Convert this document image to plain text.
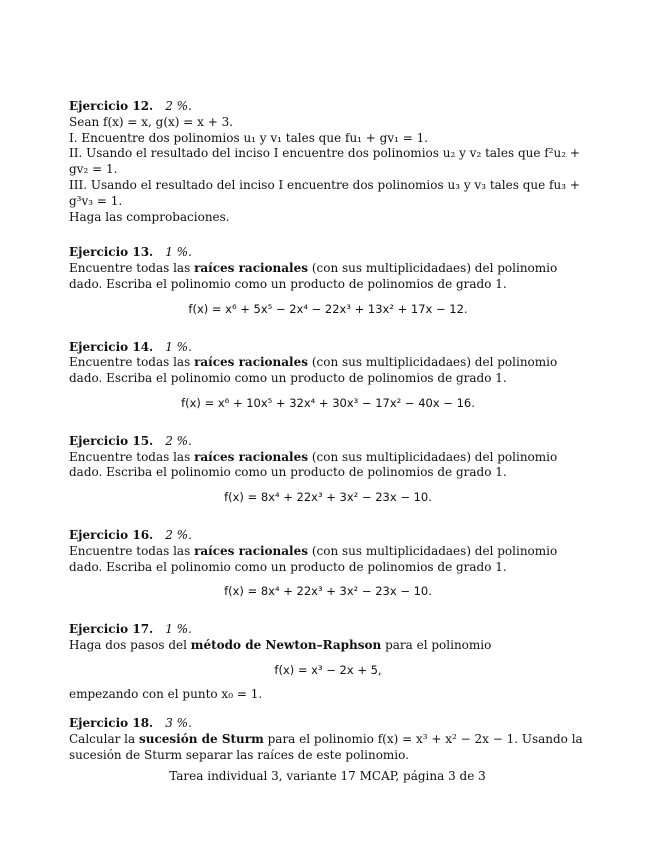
Ejercicio 12. 2 %.
Sean f(x) = x, g(x) = x + 3.
I. Encuentre dos polinomios u₁ y v₁ tales que fu₁ + gv₁ = 1.
II. Usando el resultado del inciso I encuentre dos polinomios u₂ y v₂ tales que f²u₂ + gv₂ = 1.
III. Usando el resultado del inciso I encuentre dos polinomios u₃ y v₃ tales que fu₃ + g³v₃ = 1.
Haga las comprobaciones.
Ejercicio 13. 1 %.
Encuentre todas las raíces racionales (con sus multiplicidadaes) del polinomio dado. Escriba el polinomio como un producto de polinomios de grado 1.
f(x) = x⁶ + 5x⁵ − 2x⁴ − 22x³ + 13x² + 17x − 12.
Ejercicio 14. 1 %.
Encuentre todas las raíces racionales (con sus multiplicidadaes) del polinomio dado. Escriba el polinomio como un producto de polinomios de grado 1.
f(x) = x⁶ + 10x⁵ + 32x⁴ + 30x³ − 17x² − 40x − 16.
Ejercicio 15. 2 %.
Encuentre todas las raíces racionales (con sus multiplicidadaes) del polinomio dado. Escriba el polinomio como un producto de polinomios de grado 1.
f(x) = 8x⁴ + 22x³ + 3x² − 23x − 10.
Ejercicio 16. 2 %.
Encuentre todas las raíces racionales (con sus multiplicidadaes) del polinomio dado. Escriba el polinomio como un producto de polinomios de grado 1.
f(x) = 8x⁴ + 22x³ + 3x² − 23x − 10.
Ejercicio 17. 1 %.
Haga dos pasos del método de Newton–Raphson para el polinomio
f(x) = x³ − 2x + 5,
empezando con el punto x₀ = 1.
Ejercicio 18. 3 %.
Calcular la sucesión de Sturm para el polinomio f(x) = x³ + x² − 2x − 1. Usando la sucesión de Sturm separar las raíces de este polinomio.
Tarea individual 3, variante 17 MCAP, página 3 de 3
